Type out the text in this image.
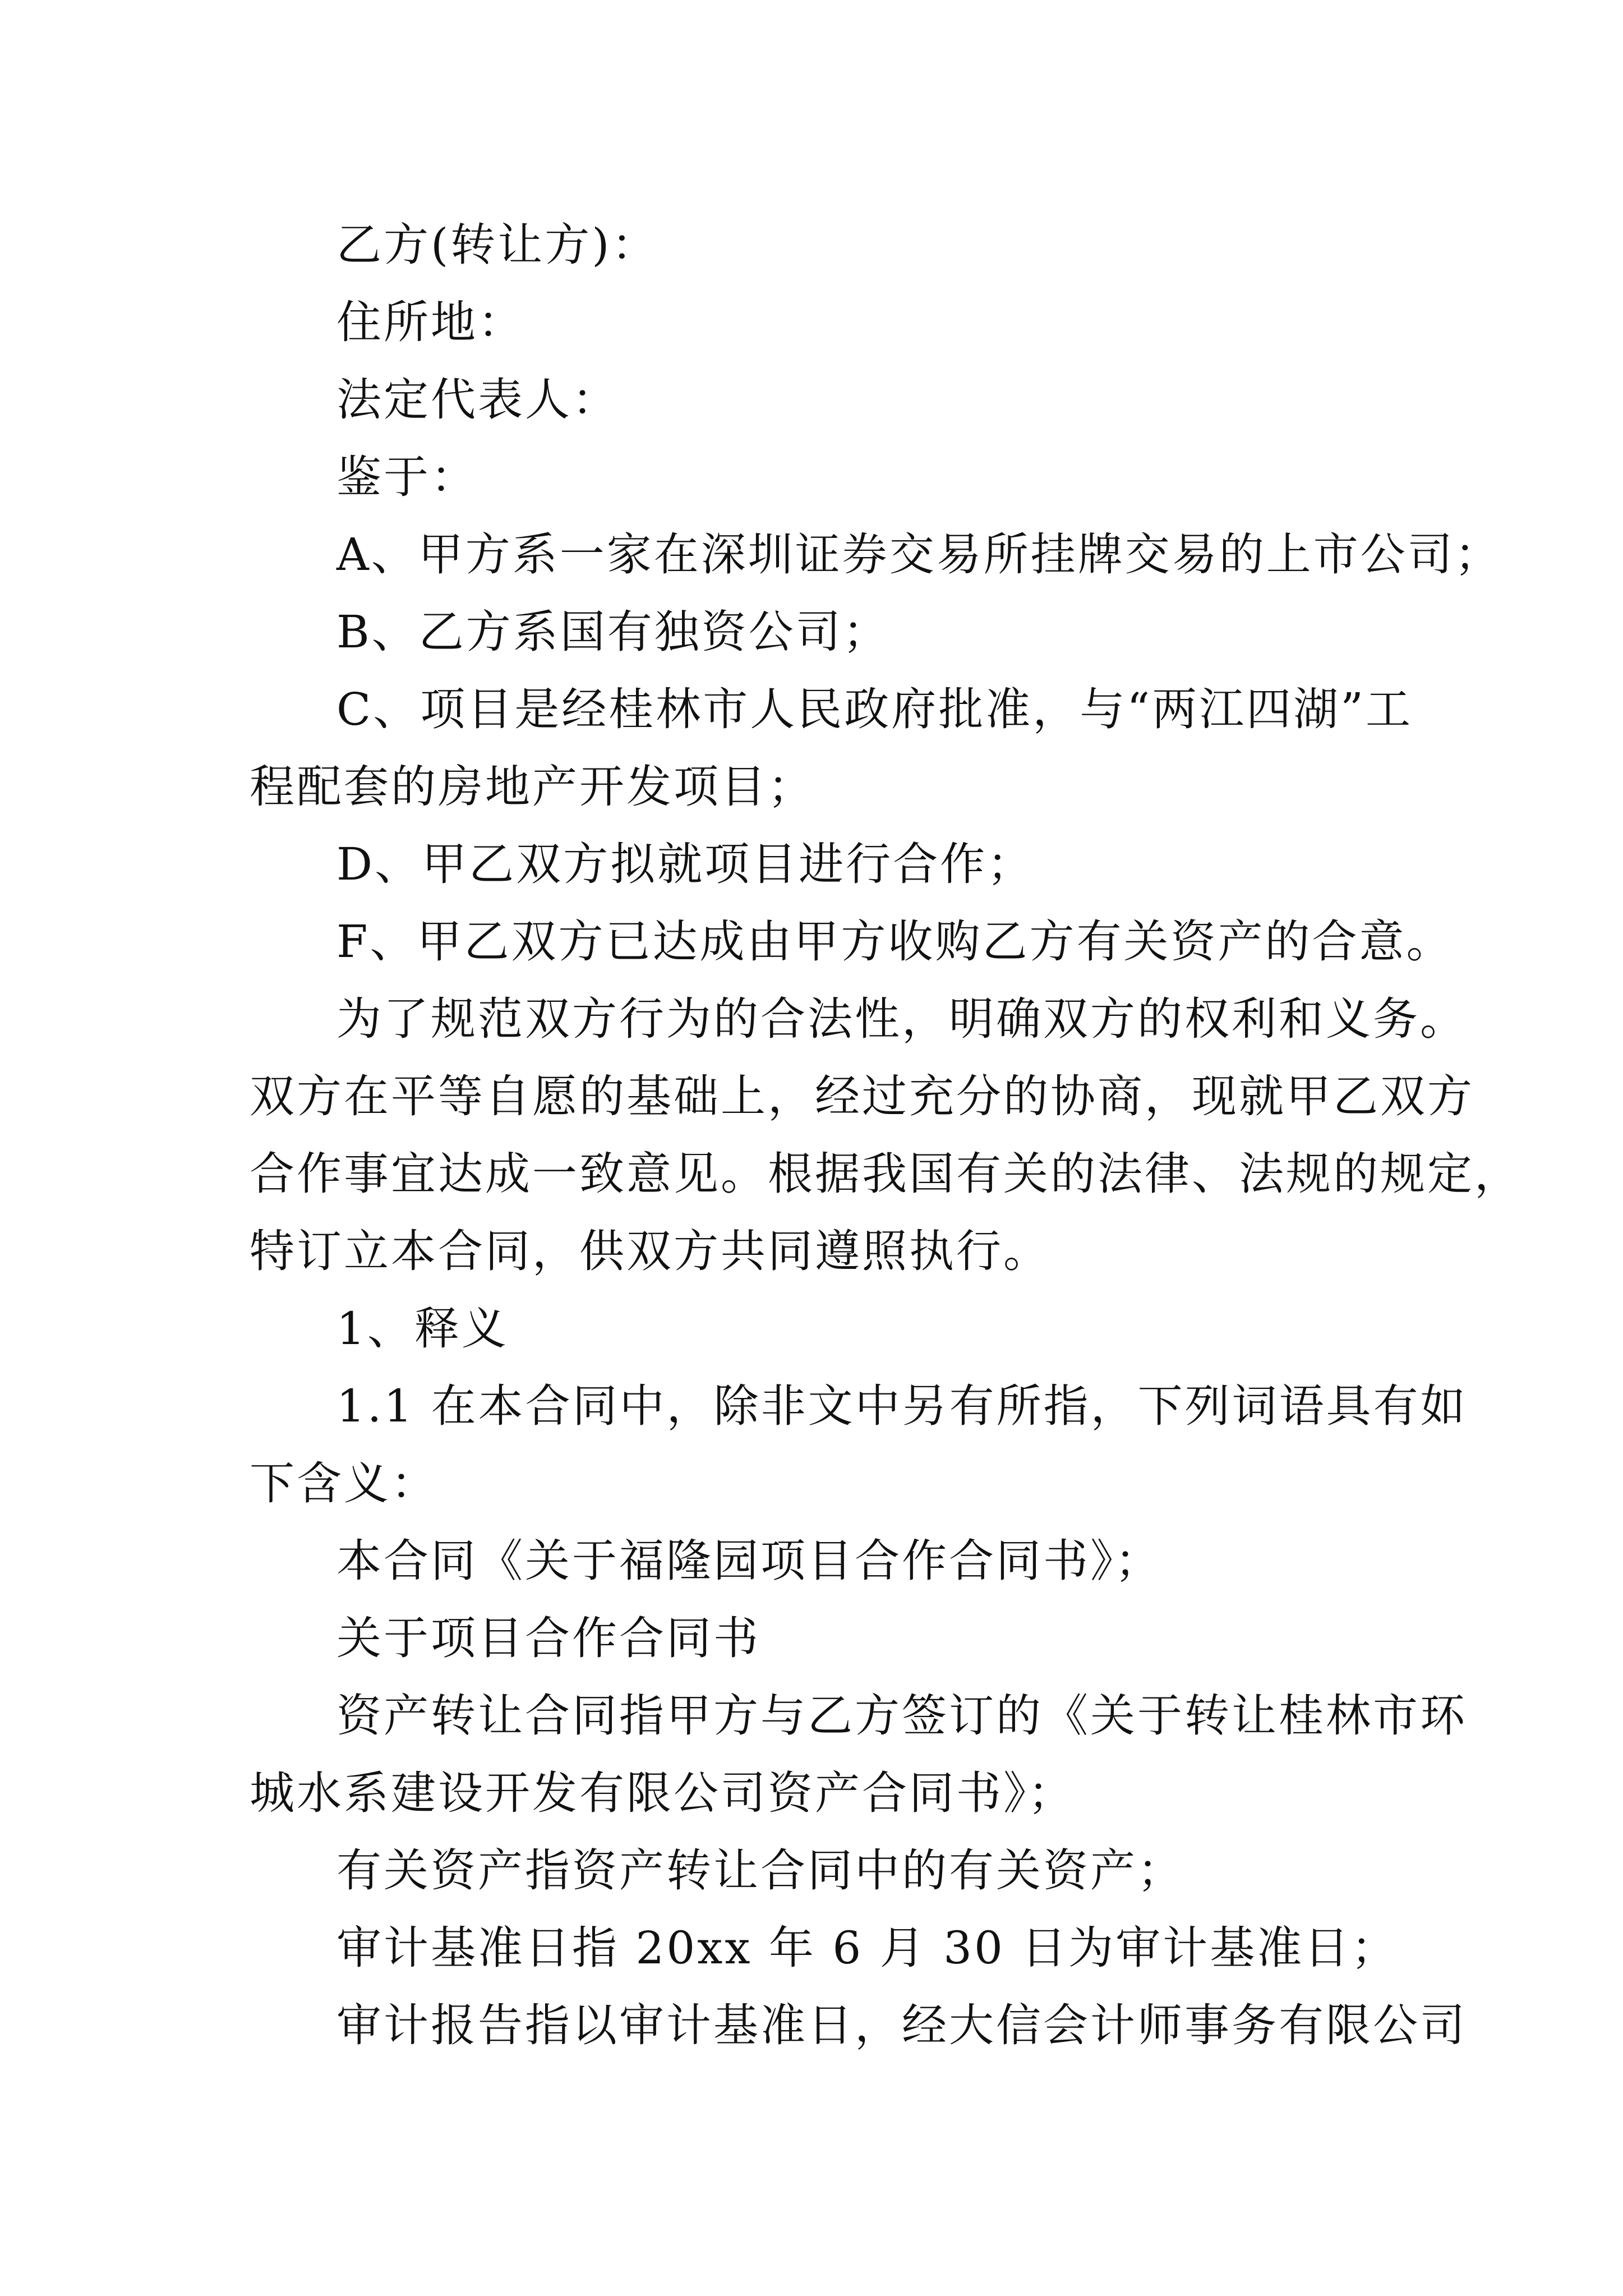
乙方(转让方)：
住所地：
法定代表人：
鉴于：
A、甲方系一家在深圳证券交易所挂牌交易的上市公司；
B、乙方系国有独资公司；
C、项目是经桂林市人民政府批准，与“两江四湖”工
程配套的房地产开发项目；
D、甲乙双方拟就项目进行合作；
F、甲乙双方已达成由甲方收购乙方有关资产的合意。
为了规范双方行为的合法性，明确双方的权利和义务。
双方在平等自愿的基础上，经过充分的协商，现就甲乙双方
合作事宜达成一致意见。根据我国有关的法律、法规的规定，
特订立本合同，供双方共同遵照执行。
1、释义
1.1 在本合同中，除非文中另有所指，下列词语具有如
下含义：
本合同《关于福隆园项目合作合同书》；
关于项目合作合同书
资产转让合同指甲方与乙方签订的《关于转让桂林市环
城水系建设开发有限公司资产合同书》；
有关资产指资产转让合同中的有关资产；
审计基准日指 20xx 年 6 月 30 日为审计基准日；
审计报告指以审计基准日，经大信会计师事务有限公司
